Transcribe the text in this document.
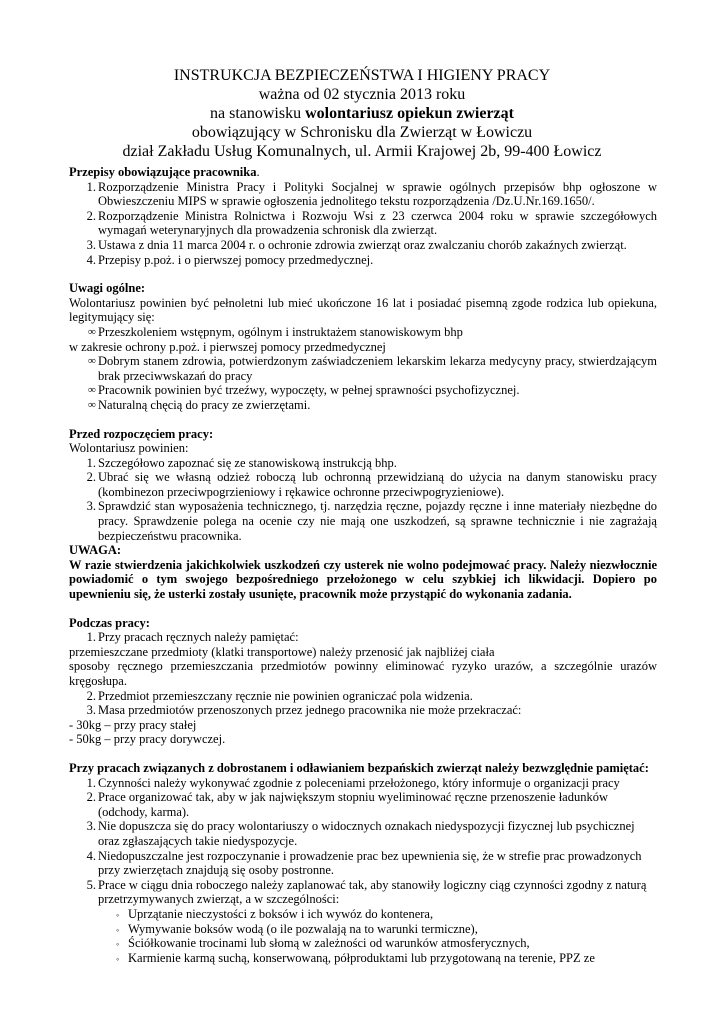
INSTRUKCJA BEZPIECZEŃSTWA I HIGIENY PRACY
ważna od 02 stycznia 2013 roku
na stanowisku wolontariusz opiekun zwierząt
obowiązujący w Schronisku dla Zwierząt w Łowiczu
dział Zakładu Usług Komunalnych, ul. Armii Krajowej 2b, 99-400 Łowicz

Przepisy obowiązujące pracownika.

1. Rozporządzenie Ministra Pracy i Polityki Socjalnej w sprawie ogólnych przepisów bhp ogłoszone w Obwieszczeniu MIPS w sprawie ogłoszenia jednolitego tekstu rozporządzenia /Dz.U.Nr.169.1650/.
2. Rozporządzenie Ministra Rolnictwa i Rozwoju Wsi z 23 czerwca 2004 roku w sprawie szczegółowych wymagań weterynaryjnych dla prowadzenia schronisk dla zwierząt.
3. Ustawa z dnia 11 marca 2004 r. o ochronie zdrowia zwierząt oraz zwalczaniu chorób zakaźnych zwierząt.
4. Przepisy p.poż. i o pierwszej pomocy przedmedycznej.

Uwagi ogólne:

Wolontariusz powinien być pełnoletni lub mieć ukończone 16 lat i posiadać pisemną zgode rodzica lub opiekuna, legitymujący się:

∞ Przeszkoleniem wstępnym, ogólnym i instruktażem stanowiskowym bhp

w zakresie ochrony p.poż. i pierwszej pomocy przedmedycznej

∞ Dobrym stanem zdrowia, potwierdzonym zaświadczeniem lekarskim lekarza medycyny pracy, stwierdzającym brak przeciwwskazań do pracy
∞ Pracownik powinien być trzeźwy, wypoczęty, w pełnej sprawności psychofizycznej.
∞ Naturalną chęcią do pracy ze zwierzętami.

Przed rozpoczęciem pracy:

Wolontariusz powinien:

1. Szczegółowo zapoznać się ze stanowiskową instrukcją bhp.
2. Ubrać się we własną odzież roboczą lub ochronną przewidzianą do użycia na danym stanowisku pracy (kombinezon przeciwpogrzieniowy i rękawice ochronne przeciwpogryzieniowe).
3. Sprawdzić stan wyposażenia technicznego, tj. narzędzia ręczne, pojazdy ręczne i inne materiały niezbędne do pracy. Sprawdzenie polega na ocenie czy nie mają one uszkodzeń, są sprawne technicznie i nie zagrażają bezpieczeństwu pracownika.

UWAGA:

W razie stwierdzenia jakichkolwiek uszkodzeń czy usterek nie wolno podejmować pracy. Należy niezwłocznie powiadomić o tym swojego bezpośredniego przełożonego w celu szybkiej ich likwidacji. Dopiero po upewnieniu się, że usterki zostały usunięte, pracownik może przystąpić do wykonania zadania.

Podczas pracy:

1. Przy pracach ręcznych należy pamiętać:

przemieszczane przedmioty (klatki transportowe) należy przenosić jak najbliżej ciała

sposoby ręcznego przemieszczania przedmiotów powinny eliminować ryzyko urazów, a szczególnie urazów kręgosłupa.

2. Przedmiot przemieszczany ręcznie nie powinien ograniczać pola widzenia.
3. Masa przedmiotów przenoszonych przez jednego pracownika nie może przekraczać:

- 30kg – przy pracy stałej

- 50kg – przy pracy dorywczej.

Przy pracach związanych z dobrostanem i odławianiem bezpańskich zwierząt należy bezwzględnie pamiętać:

1. Czynności należy wykonywać zgodnie z poleceniami przełożonego, który informuje o organizacji pracy
2. Prace organizować tak, aby w jak największym stopniu wyeliminować ręczne przenoszenie ładunków (odchody, karma).
3. Nie dopuszcza się do pracy wolontariuszy o widocznych oznakach niedyspozycji fizycznej lub psychicznej oraz zgłaszających takie niedyspozycje.
4. Niedopuszczalne jest rozpoczynanie i prowadzenie prac bez upewnienia się, że w strefie prac prowadzonych przy zwierzętach znajdują się osoby postronne.
5. Prace w ciągu dnia roboczego należy zaplanować tak, aby stanowiły logiczny ciąg czynności zgodny z naturą przetrzymywanych zwierząt, a w szczególności:
◦ Uprzątanie nieczystości z boksów i ich wywóz do kontenera,
◦ Wymywanie boksów wodą (o ile pozwalają na to warunki termiczne),
◦ Ściółkowanie trocinami lub słomą w zależności od warunków atmosferycznych,
◦ Karmienie karmą suchą, konserwowaną, półproduktami lub przygotowaną na terenie, PPZ ze
